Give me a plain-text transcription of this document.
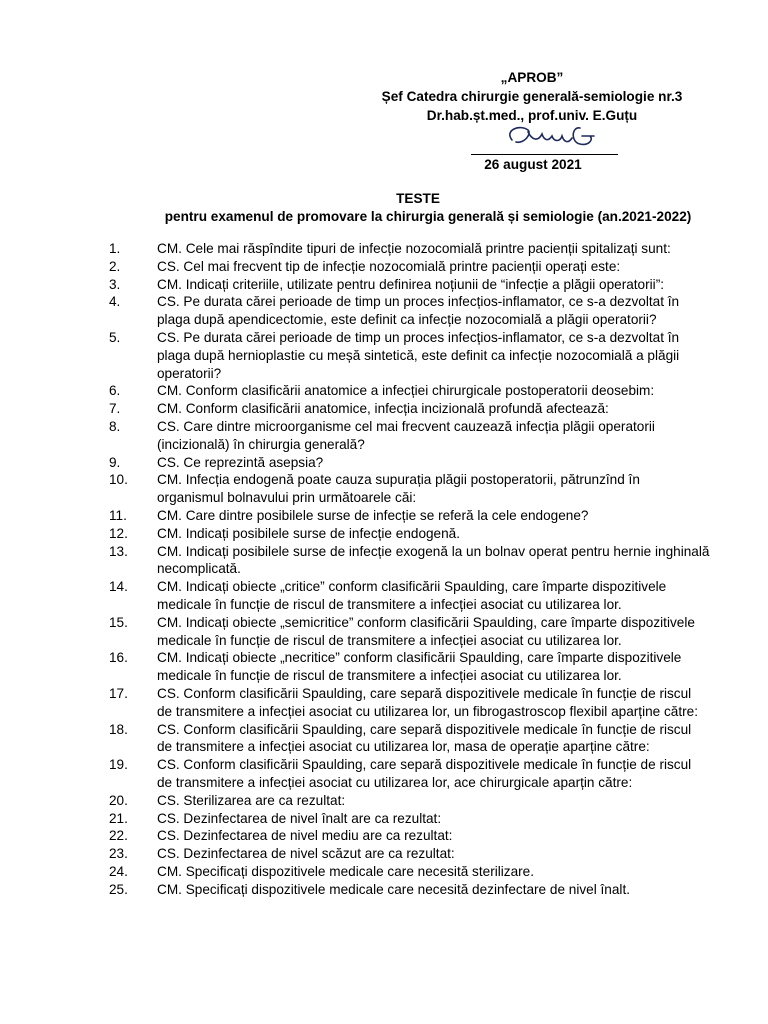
„APROB”
Șef Catedra chirurgie generală-semiologie nr.3
Dr.hab.șt.med., prof.univ. E.Guțu
26 august 2021
TESTE
pentru examenul de promovare la chirurgia generală și semiologie (an.2021-2022)
1.	CM. Cele mai răspîndite tipuri de infecție nozocomială printre pacienții spitalizați sunt:
2.	CS. Cel mai frecvent tip de infecție nozocomială printre pacienții operați este:
3.	CM. Indicați criteriile, utilizate pentru definirea noțiunii de “infecție a plăgii operatorii”:
4.	CS. Pe durata cărei perioade de timp un proces infecțios-inflamator, ce s-a dezvoltat în plaga după apendicectomie, este definit ca infecție nozocomială a plăgii operatorii?
5.	CS. Pe durata cărei perioade de timp un proces infecțios-inflamator, ce s-a dezvoltat în plaga după hernioplastie cu meșă sintetică, este definit ca infecție nozocomială a plăgii operatorii?
6.	CM. Conform clasificării anatomice a infecției chirurgicale postoperatorii deosebim:
7.	CM. Conform clasificării anatomice, infecția incizională profundă afectează:
8.	CS. Care dintre microorganisme cel mai frecvent cauzează infecția plăgii operatorii (incizională) în chirurgia generală?
9.	CS. Ce reprezintă asepsia?
10.	CM. Infecția endogenă poate cauza supurația plăgii postoperatorii, pătrunzînd în organismul bolnavului prin următoarele căi:
11.	CM. Care dintre posibilele surse de infecție se referă la cele endogene?
12.	CM. Indicați posibilele surse de infecție endogenă.
13.	CM. Indicați posibilele surse de infecție exogenă la un bolnav operat pentru hernie inghinală necomplicată.
14.	CM. Indicați obiecte „critice” conform clasificării Spaulding, care împarte dispozitivele medicale în funcție de riscul de transmitere a infecției asociat cu utilizarea lor.
15.	CM. Indicați obiecte „semicritice” conform clasificării Spaulding, care împarte dispozitivele medicale în funcție de riscul de transmitere a infecției asociat cu utilizarea lor.
16.	CM. Indicați obiecte „necritice” conform clasificării Spaulding, care împarte dispozitivele medicale în funcție de riscul de transmitere a infecției asociat cu utilizarea lor.
17.	CS. Conform clasificării Spaulding, care separă dispozitivele medicale în funcție de riscul de transmitere a infecției asociat cu utilizarea lor, un fibrogastroscop flexibil aparține către:
18.	CS. Conform clasificării Spaulding, care separă dispozitivele medicale în funcție de riscul de transmitere a infecției asociat cu utilizarea lor, masa de operație aparține către:
19.	CS. Conform clasificării Spaulding, care separă dispozitivele medicale în funcție de riscul de transmitere a infecției asociat cu utilizarea lor, ace chirurgicale aparțin către:
20.	CS. Sterilizarea are ca rezultat:
21.	CS. Dezinfectarea de nivel înalt are ca rezultat:
22.	CS. Dezinfectarea de nivel mediu are ca rezultat:
23.	CS. Dezinfectarea de nivel scăzut are ca rezultat:
24.	CM. Specificați dispozitivele medicale care necesită sterilizare.
25.	CM. Specificați dispozitivele medicale care necesită dezinfectare de nivel înalt.
